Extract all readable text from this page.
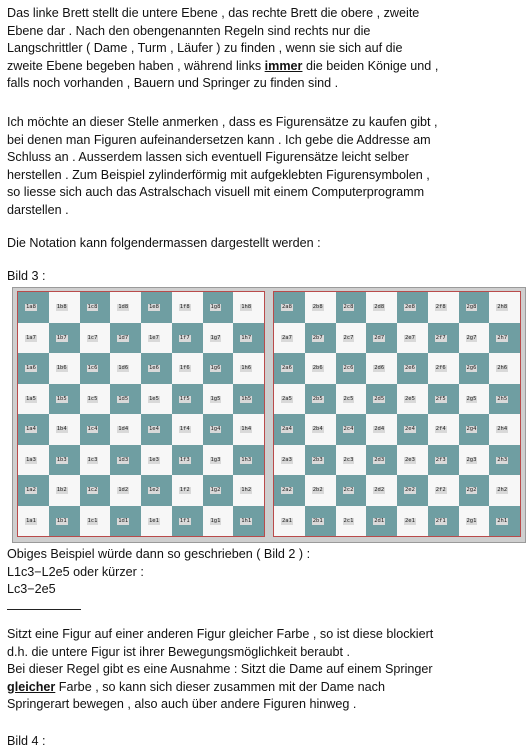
Das linke Brett stellt die untere Ebene , das rechte Brett die obere , zweite
Ebene dar . Nach den obengenannten Regeln sind rechts nur die
Langschrittler ( Dame , Turm , Läufer ) zu finden , wenn sie sich auf die
zweite Ebene begeben haben , während links immer die beiden Könige und ,
falls noch vorhanden , Bauern und Springer zu finden sind .
Ich möchte an dieser Stelle anmerken , dass es Figurensätze zu kaufen gibt ,
bei denen man Figuren aufeinandersetzen kann . Ich gebe die Addresse am
Schluss an . Ausserdem lassen sich eventuell Figurensätze leicht selber
herstellen . Zum Beispiel zylinderförmig mit aufgeklebten Figurensymbolen ,
so liesse sich auch das Astralschach visuell mit einem Computerprogramm
darstellen .
Die Notation kann folgendermassen dargestellt werden :
Bild 3 :
1a8	1b8	1c8	1d8	1e8	1f8	1g8	1h8
1a7	1b7	1c7	1d7	1e7	1f7	1g7	1h7
1a6	1b6	1c6	1d6	1e6	1f6	1g6	1h6
1a5	1b5	1c5	1d5	1e5	1f5	1g5	1h5
1a4	1b4	1c4	1d4	1e4	1f4	1g4	1h4
1a3	1b3	1c3	1d3	1e3	1f3	1g3	1h3
1a2	1b2	1c2	1d2	1e2	1f2	1g2	1h2
1a1	1b1	1c1	1d1	1e1	1f1	1g1	1h1
2a8	2b8	2c8	2d8	2e8	2f8	2g8	2h8
2a7	2b7	2c7	2d7	2e7	2f7	2g7	2h7
2a6	2b6	2c6	2d6	2e6	2f6	2g6	2h6
2a5	2b5	2c5	2d5	2e5	2f5	2g5	2h5
2a4	2b4	2c4	2d4	2e4	2f4	2g4	2h4
2a3	2b3	2c3	2d3	2e3	2f3	2g3	2h3
2a2	2b2	2c2	2d2	2e2	2f2	2g2	2h2
2a1	2b1	2c1	2d1	2e1	2f1	2g1	2h1
Obiges Beispiel würde dann so geschrieben ( Bild 2 ) :
L1c3−L2e5 oder kürzer :
Lc3−2e5
Sitzt eine Figur auf einer anderen Figur gleicher Farbe , so ist diese blockiert
d.h. die untere Figur ist ihrer Bewegungsmöglichkeit beraubt .
Bei dieser Regel gibt es eine Ausnahme : Sitzt die Dame auf einem Springer
gleicher Farbe , so kann sich dieser zusammen mit der Dame nach
Springerart bewegen , also auch über andere Figuren hinweg .
Bild 4 :
